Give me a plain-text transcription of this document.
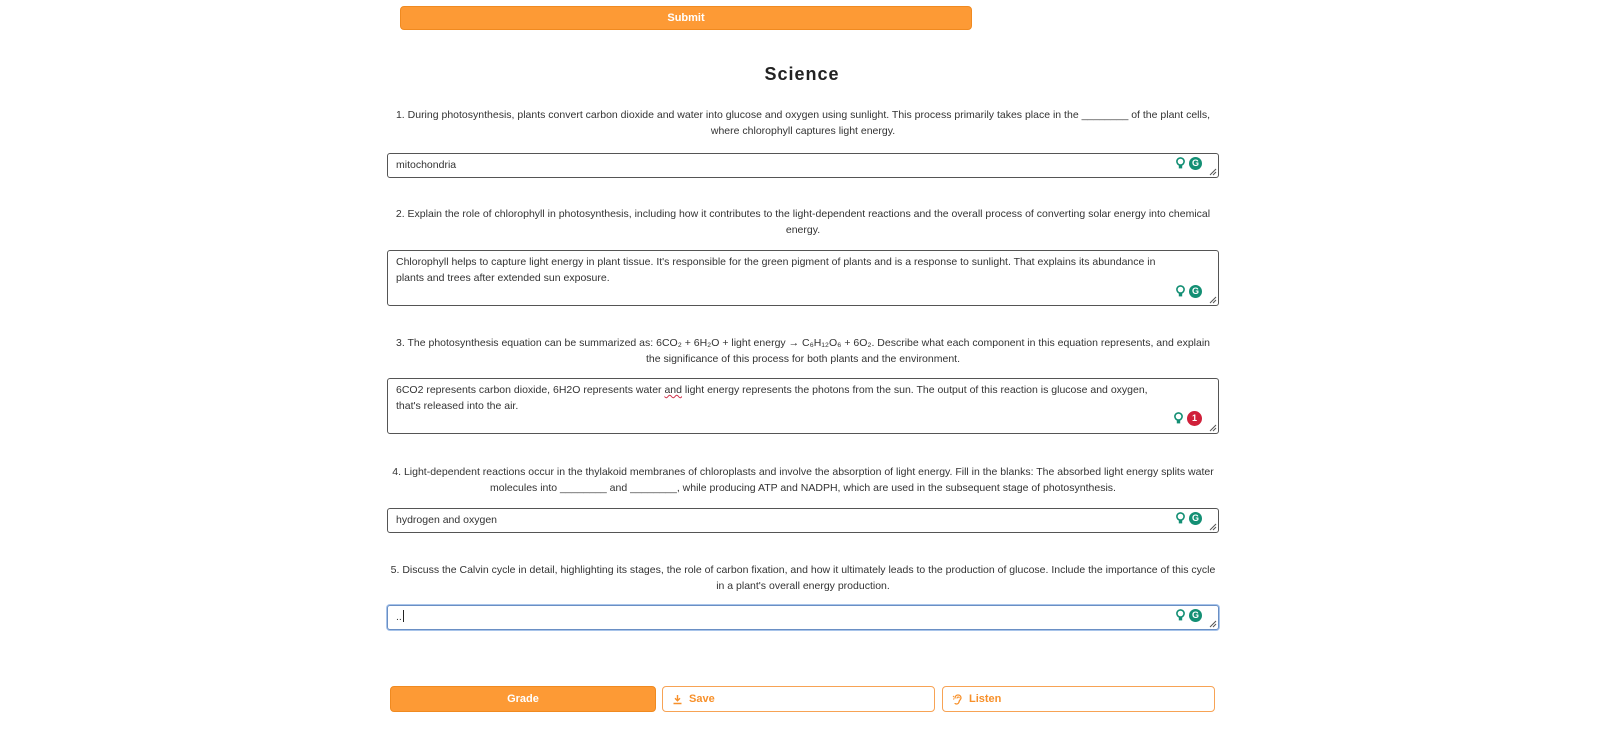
Submit
Science

1. During photosynthesis, plants convert carbon dioxide and water into glucose and oxygen using sunlight. This process primarily takes place in the ________ of the plant cells, where chlorophyll captures light energy.

mitochondria	G

2. Explain the role of chlorophyll in photosynthesis, including how it contributes to the light-dependent reactions and the overall process of converting solar energy into chemical energy.

Chlorophyll helps to capture light energy in plant tissue. It's responsible for the green pigment of plants and is a response to sunlight. That explains its abundance in plants and trees after extended sun exposure.
G

3. The photosynthesis equation can be summarized as: 6CO₂ + 6H₂O + light energy → C₆H₁₂O₆ + 6O₂. Describe what each component in this equation represents, and explain the significance of this process for both plants and the environment.

6CO2 represents carbon dioxide, 6H2O represents water and light energy represents the photons from the sun. The output of this reaction is glucose and oxygen, that's released into the air.
1

4. Light-dependent reactions occur in the thylakoid membranes of chloroplasts and involve the absorption of light energy. Fill in the blanks: The absorbed light energy splits water molecules into ________ and ________, while producing ATP and NADPH, which are used in the subsequent stage of photosynthesis.

hydrogen and oxygen	G

5. Discuss the Calvin cycle in detail, highlighting its stages, the role of carbon fixation, and how it ultimately leads to the production of glucose. Include the importance of this cycle in a plant's overall energy production.

..	G
Grade	Save	Listen
